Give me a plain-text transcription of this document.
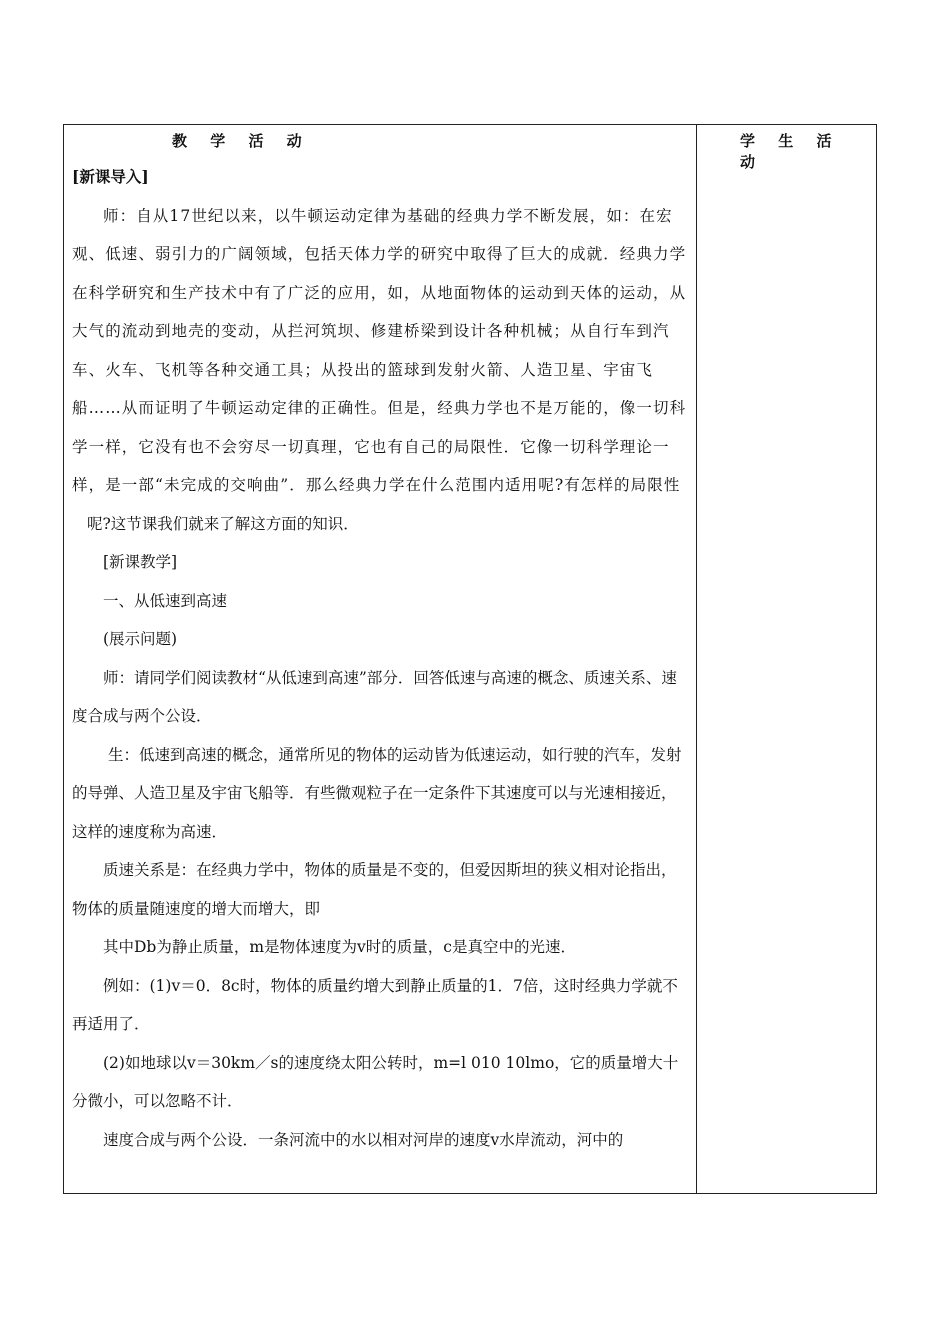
教 学 活 动	学 生 活 动

[新课导入]

师：自从17世纪以来，以牛顿运动定律为基础的经典力学不断发展，如：在宏观、低速、弱引力的广阔领域，包括天体力学的研究中取得了巨大的成就．经典力学在科学研究和生产技术中有了广泛的应用，如，从地面物体的运动到天体的运动，从大气的流动到地壳的变动，从拦河筑坝、修建桥梁到设计各种机械；从自行车到汽车、火车、飞机等各种交通工具；从投出的篮球到发射火箭、人造卫星、宇宙飞船……从而证明了牛顿运动定律的正确性。但是，经典力学也不是万能的，像一切科学一样，它没有也不会穷尽一切真理，它也有自己的局限性．它像一切科学理论一样，是一部“未完成的交响曲”．那么经典力学在什么范围内适用呢?有怎样的局限性

呢?这节课我们就来了解这方面的知识．

[新课教学]

一、从低速到高速

(展示问题)

师：请同学们阅读教材“从低速到高速”部分．回答低速与高速的概念、质速关系、速度合成与两个公设．

生：低速到高速的概念，通常所见的物体的运动皆为低速运动，如行驶的汽车，发射的导弹、人造卫星及宇宙飞船等．有些微观粒子在一定条件下其速度可以与光速相接近，这样的速度称为高速．

质速关系是：在经典力学中，物体的质量是不变的，但爱因斯坦的狭义相对论指出，物体的质量随速度的增大而增大，即

其中Db为静止质量，m是物体速度为v时的质量，c是真空中的光速．

例如：(1)v＝0．8c时，物体的质量约增大到静止质量的1．7倍，这时经典力学就不再适用了．

(2)如地球以v＝30km／s的速度绕太阳公转时，m=l 010 10lmo，它的质量增大十分微小，可以忽略不计．

速度合成与两个公设．一条河流中的水以相对河岸的速度v水岸流动，河中的
